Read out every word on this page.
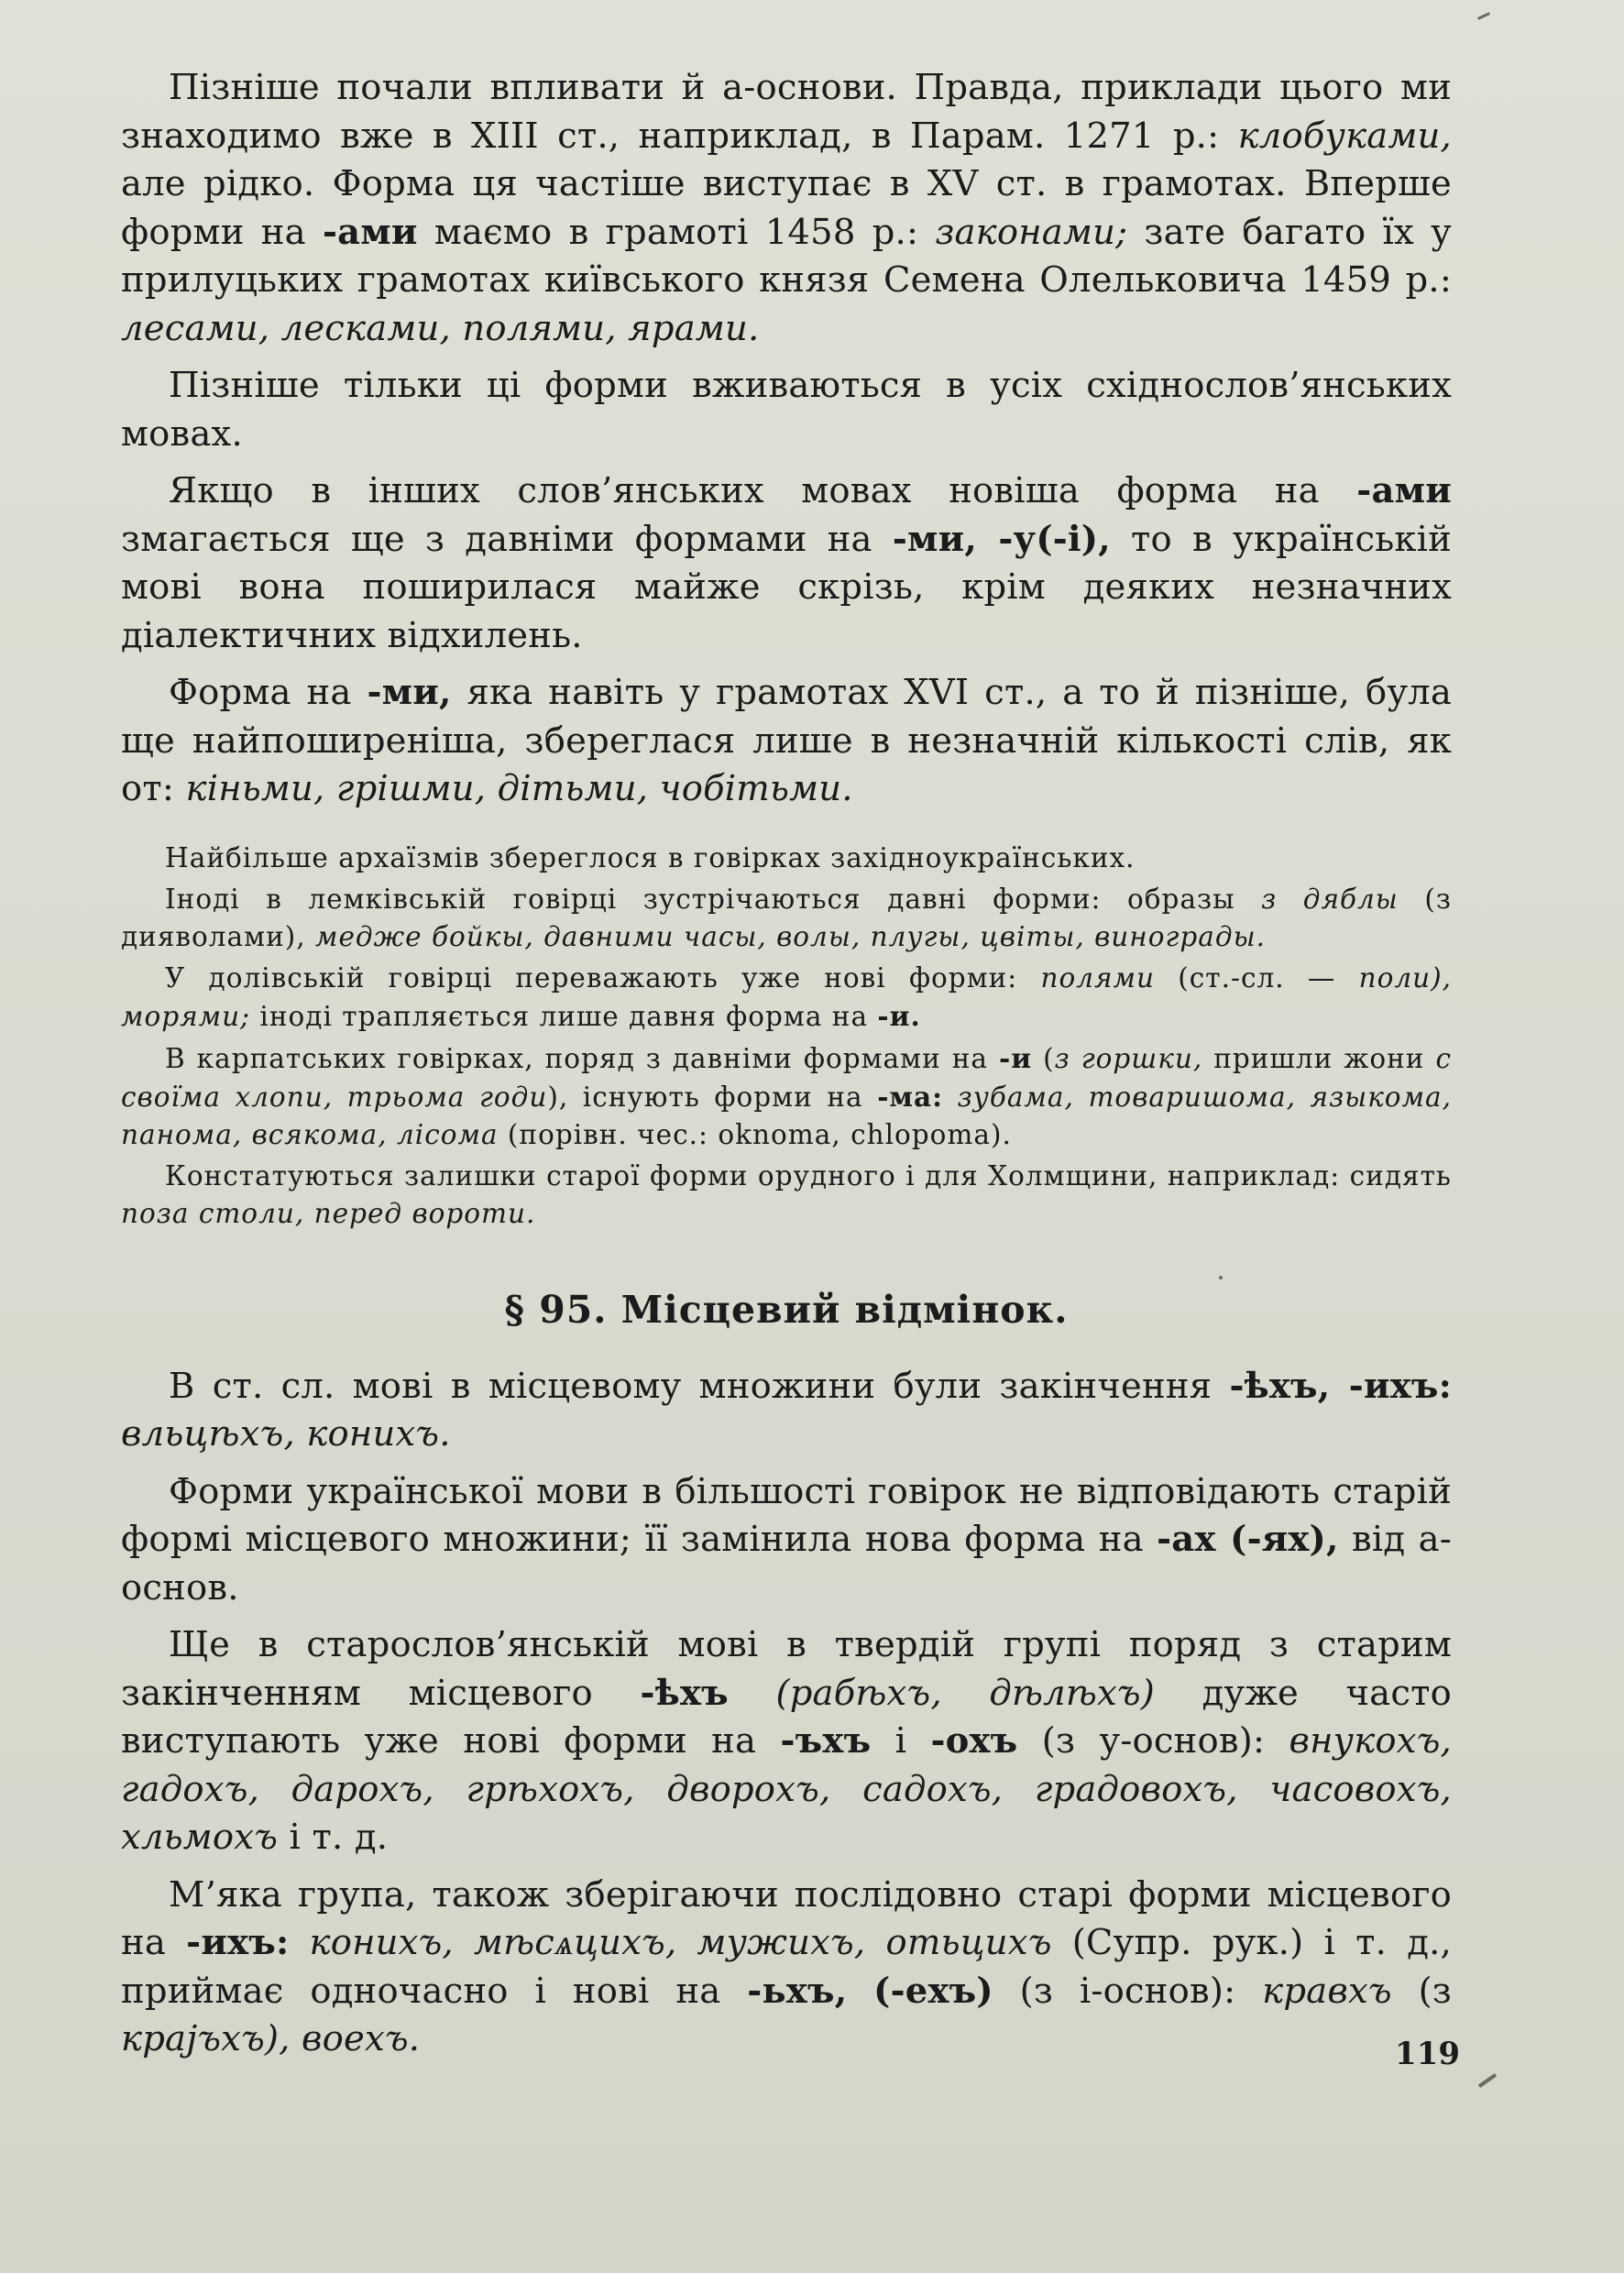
Пізніше почали впливати й а-основи. Правда, приклади цього ми знаходимо вже в XIII ст., наприклад, в Парам. 1271 р.: клобуками, але рідко. Форма ця частіше виступає в XV ст. в грамотах. Вперше форми на -ами маємо в грамоті 1458 р.: законами; зате багато їх у прилуцьких грамотах київського князя Семена Олельковича 1459 р.: лесами, лесками, полями, ярами.

Пізніше тільки ці форми вживаються в усіх східнослов’янських мовах.

Якщо в інших слов’янських мовах новіша форма на -ами змагається ще з давніми формами на -ми, -у(-і), то в українській мові вона поширилася майже скрізь, крім деяких незначних діалектичних відхилень.

Форма на -ми, яка навіть у грамотах XVI ст., а то й пізніше, була ще найпоширеніша, збереглася лише в незначній кількості слів, як от: кіньми, грішми, дітьми, чобітьми.

Найбільше архаїзмів збереглося в говірках західноукраїнських.

Іноді в лемківській говірці зустрічаються давні форми: образы з дяблы (з дияволами), медже бойкы, давними часы, волы, плугы, цвіты, винограды.

У долівській говірці переважають уже нові форми: полями (ст.-сл. — поли), морями; іноді трапляється лише давня форма на -и.

В карпатських говірках, поряд з давніми формами на -и (з горшки, пришли жони с своїма хлопи, трьома годи), існують форми на -ма: зубама, товаришома, языкома, панома, всякома, лісома (порівн. чес.: oknoma, chloрoma).

Констатуються залишки старої форми орудного і для Холмщини, наприклад: сидять поза столи, перед вороти.

§ 95. Місцевий відмінок.

В ст. сл. мові в місцевому множини були закінчення -ѣхъ, -ихъ: вльцѣхъ, конихъ.

Форми української мови в більшості говірок не відповідають старій формі місцевого множини; її замінила нова форма на -ах (-ях), від а-основ.

Ще в старослов’янській мові в твердій групі поряд з старим закінченням місцевого -ѣхъ (рабѣхъ, дѣлѣхъ) дуже часто виступають уже нові форми на -ъхъ і -охъ (з у-основ): внукохъ, гадохъ, дарохъ, грѣхохъ, дворохъ, садохъ, градовохъ, часовохъ, хльмохъ і т. д.

М’яка група, також зберігаючи послідовно старі форми місцевого на -ихъ: конихъ, мѣсѧцихъ, мужихъ, отьцихъ (Супр. рук.) і т. д., приймає одночасно і нові на -ьхъ, (-ехъ) (з і-основ): кравхъ (з крајъхъ), воехъ.	119
